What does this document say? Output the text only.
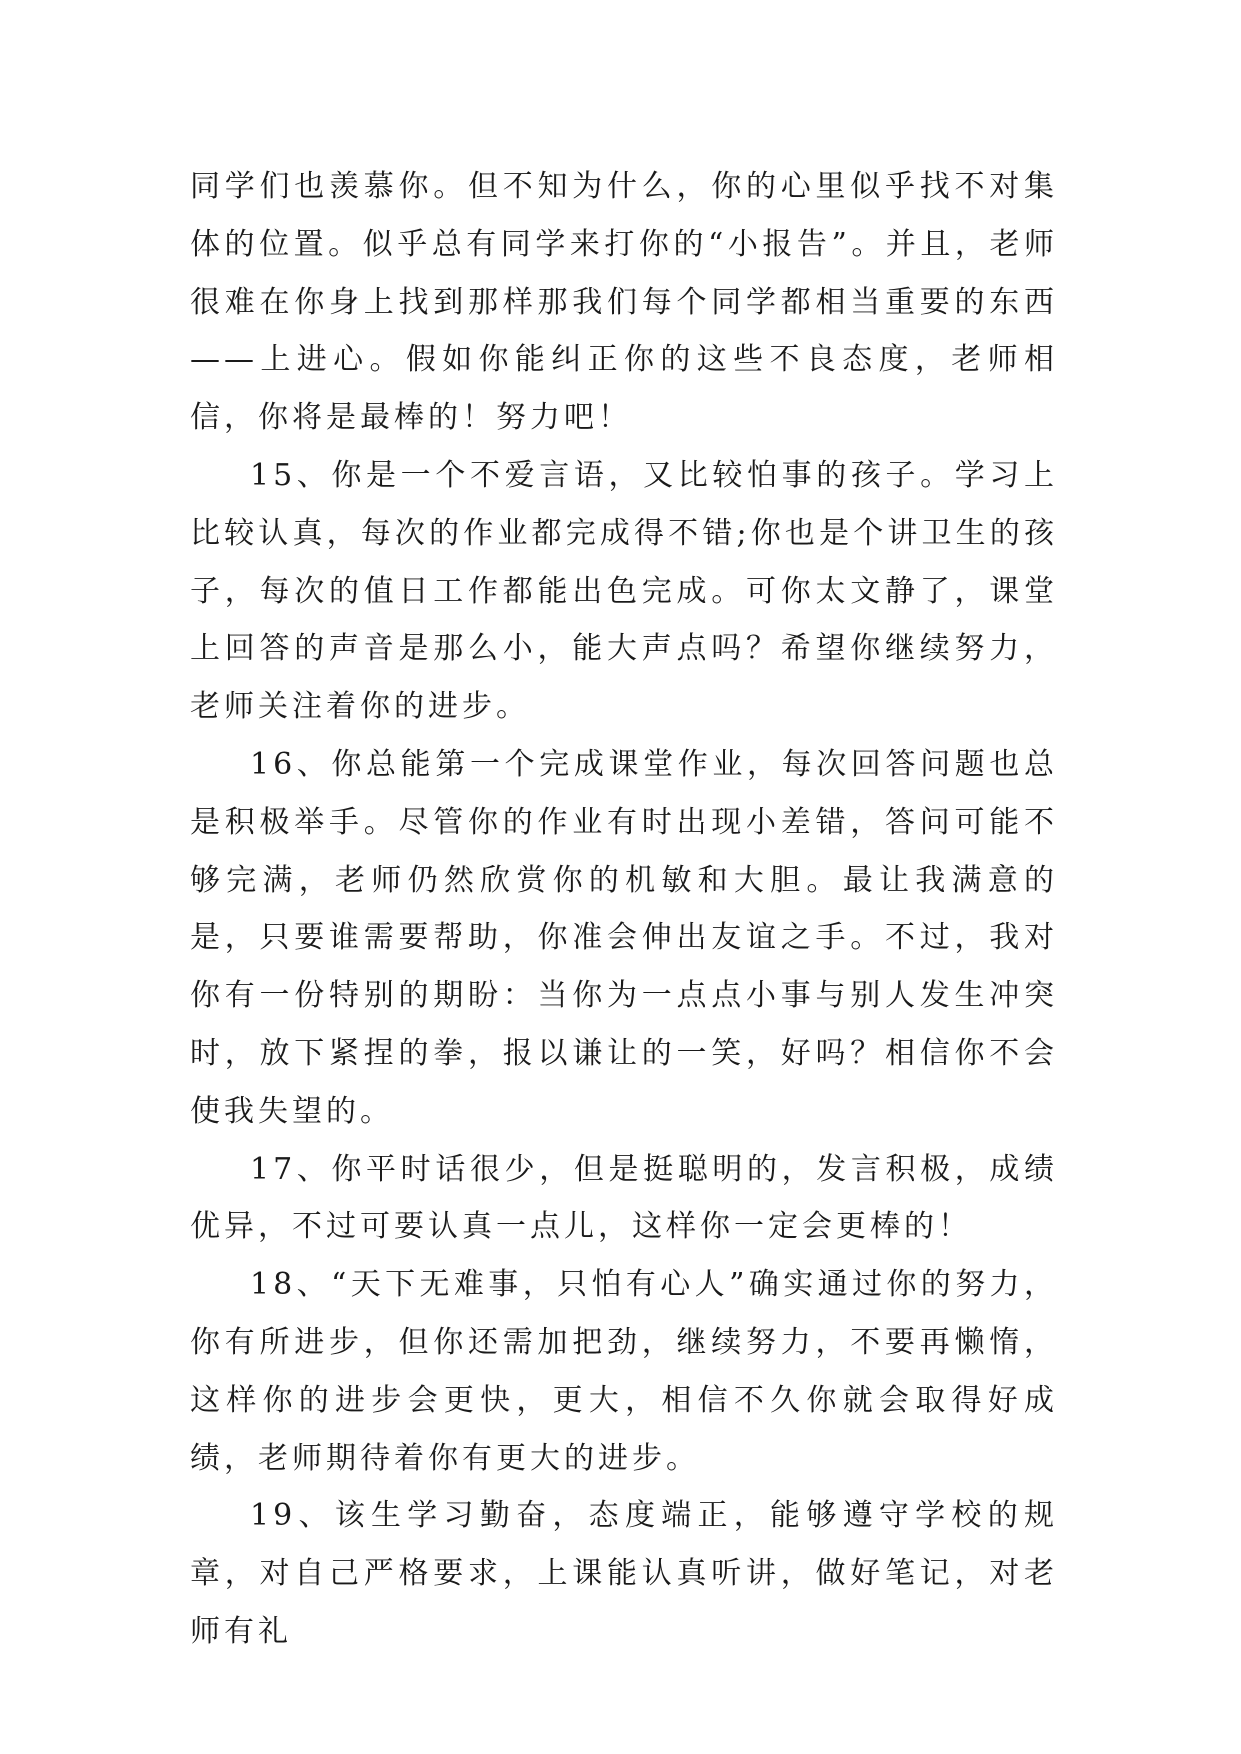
同学们也羡慕你。但不知为什么，你的心里似乎找不对集体的位置。似乎总有同学来打你的“小报告”。并且，老师很难在你身上找到那样那我们每个同学都相当重要的东西——上进心。假如你能纠正你的这些不良态度，老师相信，你将是最棒的！努力吧！

15、你是一个不爱言语，又比较怕事的孩子。学习上比较认真，每次的作业都完成得不错;你也是个讲卫生的孩子，每次的值日工作都能出色完成。可你太文静了，课堂上回答的声音是那么小，能大声点吗？希望你继续努力，老师关注着你的进步。

16、你总能第一个完成课堂作业，每次回答问题也总是积极举手。尽管你的作业有时出现小差错，答问可能不够完满，老师仍然欣赏你的机敏和大胆。最让我满意的是，只要谁需要帮助，你准会伸出友谊之手。不过，我对你有一份特别的期盼：当你为一点点小事与别人发生冲突时，放下紧捏的拳，报以谦让的一笑，好吗？相信你不会使我失望的。

17、你平时话很少，但是挺聪明的，发言积极，成绩优异，不过可要认真一点儿，这样你一定会更棒的！

18、“天下无难事，只怕有心人”确实通过你的努力，你有所进步，但你还需加把劲，继续努力，不要再懒惰，这样你的进步会更快，更大，相信不久你就会取得好成绩，老师期待着你有更大的进步。

19、该生学习勤奋，态度端正，能够遵守学校的规章，对自己严格要求，上课能认真听讲，做好笔记，对老师有礼
